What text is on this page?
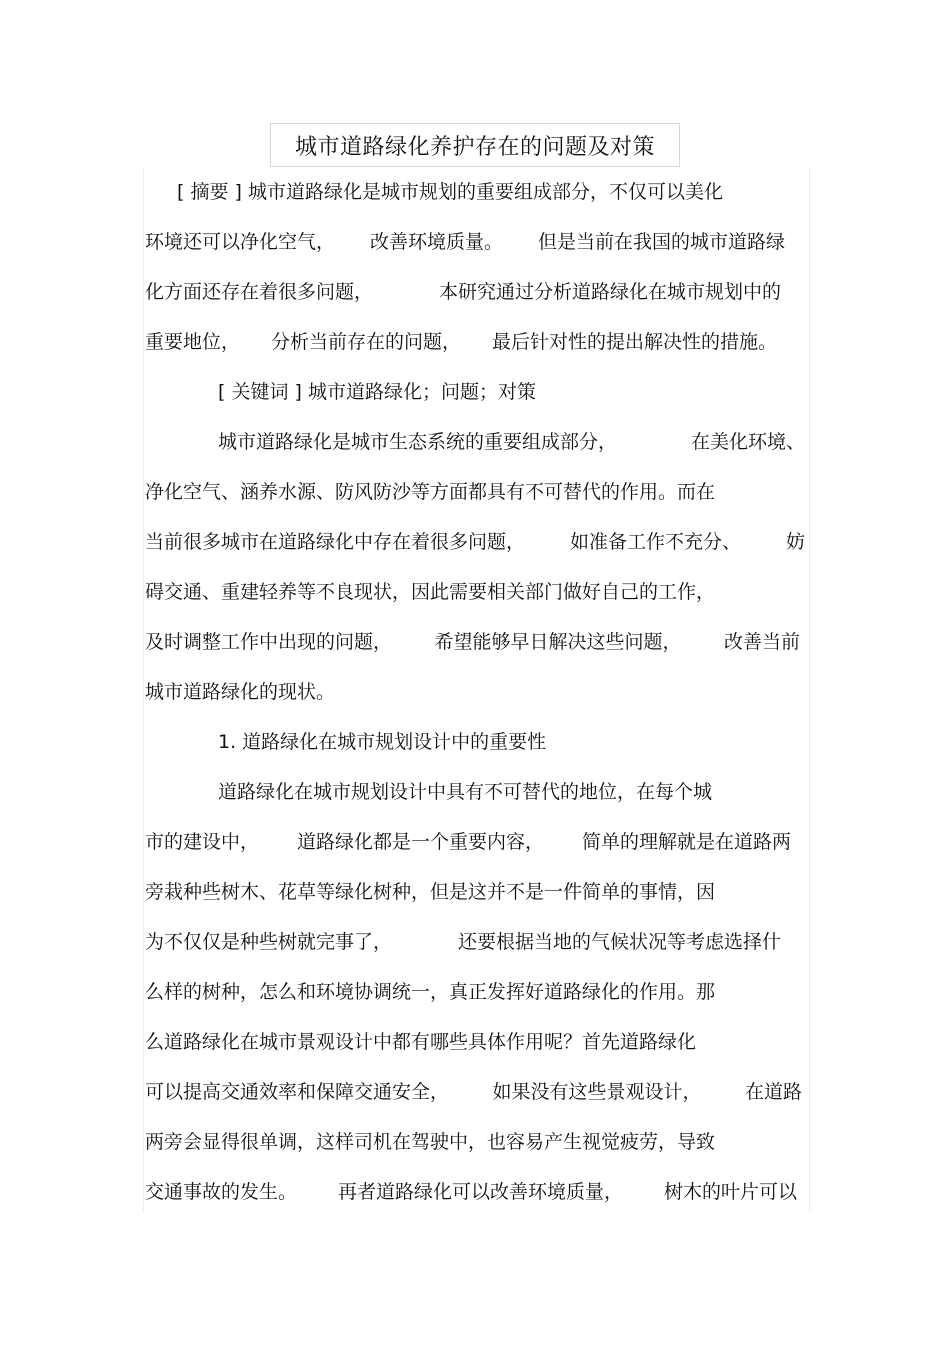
城市道路绿化养护存在的问题及对策
[ 摘要 ] 城市道路绿化是城市规划的重要组成部分，不仅可以美化
环境还可以净化空气， 改善环境质量。 但是当前在我国的城市道路绿
化方面还存在着很多问题，	本研究通过分析道路绿化在城市规划中的
重要地位， 分析当前存在的问题， 最后针对性的提出解决性的措施。
[ 关键词 ] 城市道路绿化；问题；对策
城市道路绿化是城市生态系统的重要组成部分，	在美化环境、
净化空气、涵养水源、防风防沙等方面都具有不可替代的作用。而在
当前很多城市在道路绿化中存在着很多问题， 如准备工作不充分、 妨
碍交通、重建轻养等不良现状，因此需要相关部门做好自己的工作，
及时调整工作中出现的问题， 希望能够早日解决这些问题， 改善当前
城市道路绿化的现状。
1. 道路绿化在城市规划设计中的重要性
道路绿化在城市规划设计中具有不可替代的地位，在每个城
市的建设中， 道路绿化都是一个重要内容， 简单的理解就是在道路两
旁栽种些树木、花草等绿化树种，但是这并不是一件简单的事情，因
为不仅仅是种些树就完事了，	还要根据当地的气候状况等考虑选择什
么样的树种，怎么和环境协调统一，真正发挥好道路绿化的作用。那
么道路绿化在城市景观设计中都有哪些具体作用呢？首先道路绿化
可以提高交通效率和保障交通安全， 如果没有这些景观设计， 在道路
两旁会显得很单调，这样司机在驾驶中，也容易产生视觉疲劳，导致
交通事故的发生。 再者道路绿化可以改善环境质量， 树木的叶片可以
